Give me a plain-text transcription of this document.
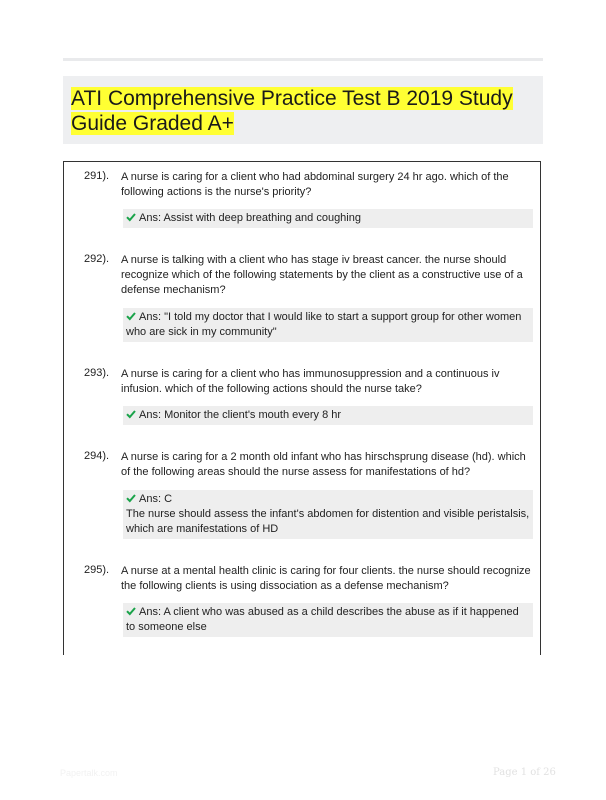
ATI Comprehensive Practice Test B 2019 Study Guide Graded A+
291). A nurse is caring for a client who had abdominal surgery 24 hr ago. which of the following actions is the nurse's priority?
Ans: Assist with deep breathing and coughing
292). A nurse is talking with a client who has stage iv breast cancer. the nurse should recognize which of the following statements by the client as a constructive use of a defense mechanism?
Ans: "I told my doctor that I would like to start a support group for other women who are sick in my community"
293). A nurse is caring for a client who has immunosuppression and a continuous iv infusion. which of the following actions should the nurse take?
Ans: Monitor the client's mouth every 8 hr
294). A nurse is caring for a 2 month old infant who has hirschsprung disease (hd). which of the following areas should the nurse assess for manifestations of hd?
Ans: C
The nurse should assess the infant's abdomen for distention and visible peristalsis, which are manifestations of HD
295). A nurse at a mental health clinic is caring for four clients. the nurse should recognize the following clients is using dissociation as a defense mechanism?
Ans: A client who was abused as a child describes the abuse as if it happened to someone else
Papertalk.com	Page 1 of 26
